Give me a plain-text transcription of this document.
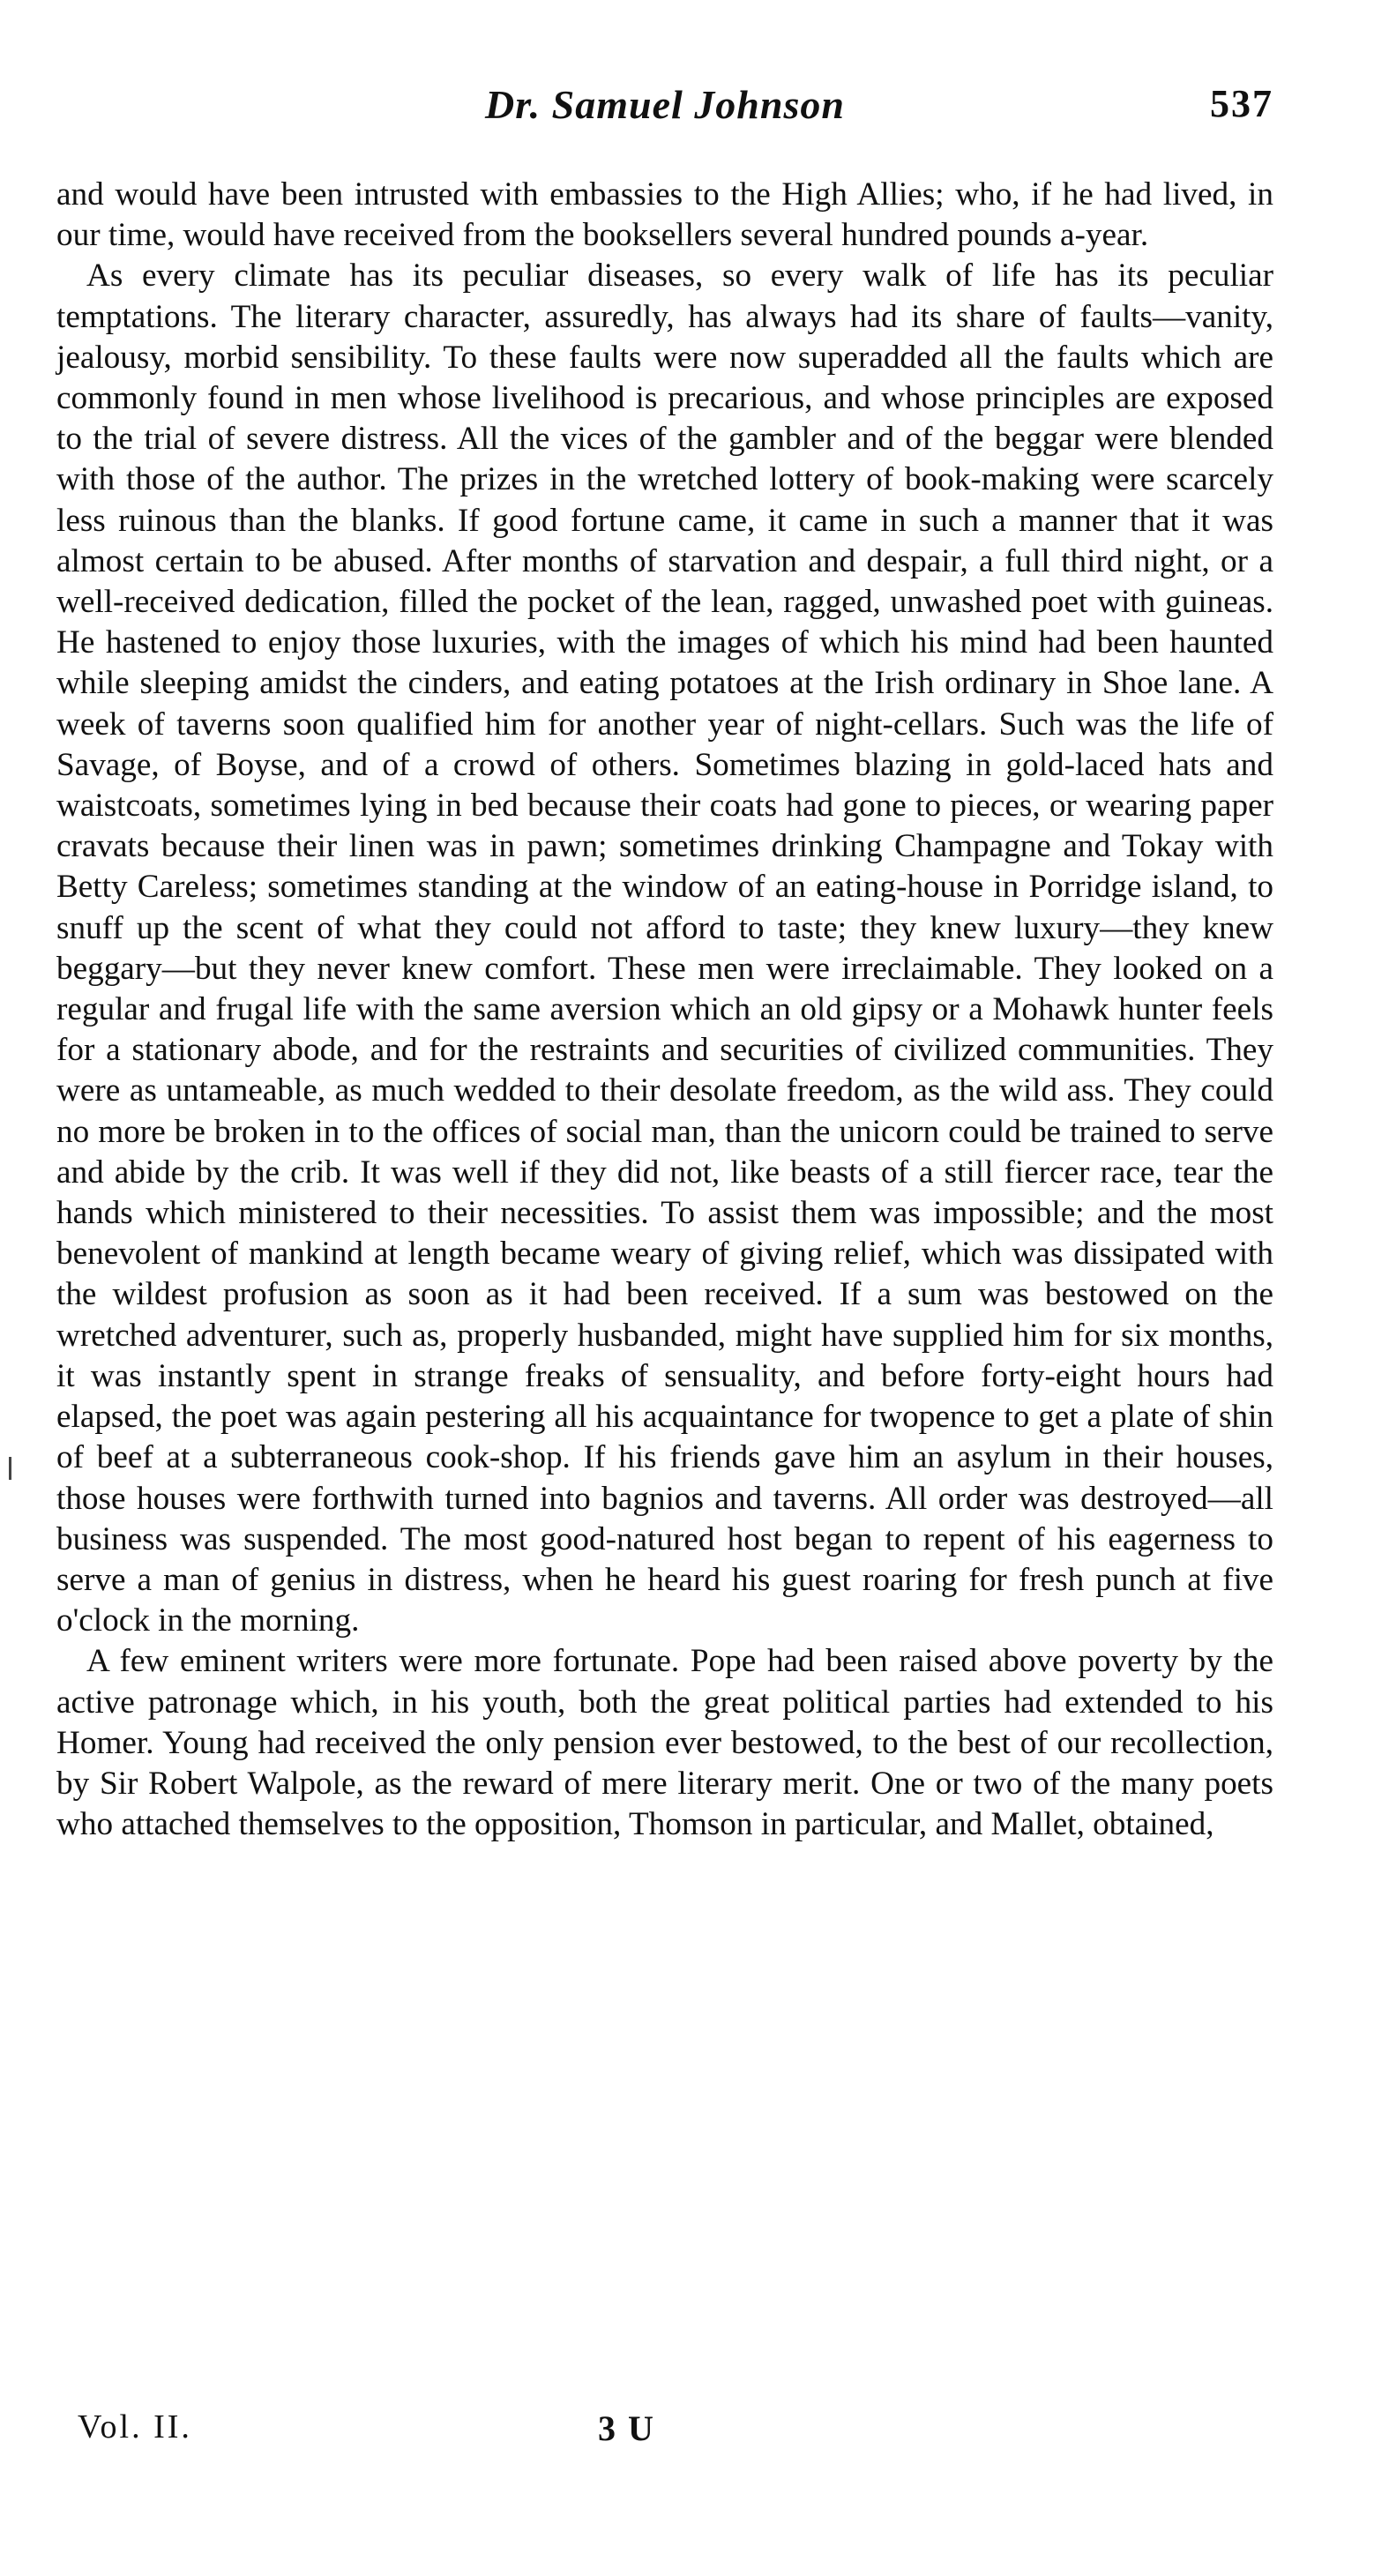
Dr. Samuel Johnson	537

and would have been intrusted with embassies to the High Allies; who, if he had lived, in our time, would have received from the booksellers several hundred pounds a-year.

As every climate has its peculiar diseases, so every walk of life has its peculiar temptations. The literary character, assuredly, has always had its share of faults—vanity, jealousy, morbid sensibility. To these faults were now superadded all the faults which are commonly found in men whose livelihood is precarious, and whose principles are exposed to the trial of severe distress. All the vices of the gambler and of the beggar were blended with those of the author. The prizes in the wretched lottery of book-making were scarcely less ruinous than the blanks. If good fortune came, it came in such a manner that it was almost certain to be abused. After months of starvation and despair, a full third night, or a well-received dedication, filled the pocket of the lean, ragged, unwashed poet with guineas. He hastened to enjoy those luxuries, with the images of which his mind had been haunted while sleeping amidst the cinders, and eating potatoes at the Irish ordinary in Shoe lane. A week of taverns soon qualified him for another year of night-cellars. Such was the life of Savage, of Boyse, and of a crowd of others. Sometimes blazing in gold-laced hats and waistcoats, sometimes lying in bed because their coats had gone to pieces, or wearing paper cravats because their linen was in pawn; sometimes drinking Champagne and Tokay with Betty Careless; sometimes standing at the window of an eating-house in Porridge island, to snuff up the scent of what they could not afford to taste; they knew luxury—they knew beggary—but they never knew comfort. These men were irreclaimable. They looked on a regular and frugal life with the same aversion which an old gipsy or a Mohawk hunter feels for a stationary abode, and for the restraints and securities of civilized communities. They were as untameable, as much wedded to their desolate freedom, as the wild ass. They could no more be broken in to the offices of social man, than the unicorn could be trained to serve and abide by the crib. It was well if they did not, like beasts of a still fiercer race, tear the hands which ministered to their necessities. To assist them was impossible; and the most benevolent of mankind at length became weary of giving relief, which was dissipated with the wildest profusion as soon as it had been received. If a sum was bestowed on the wretched adventurer, such as, properly husbanded, might have supplied him for six months, it was instantly spent in strange freaks of sensuality, and before forty-eight hours had elapsed, the poet was again pestering all his acquaintance for twopence to get a plate of shin of beef at a subterraneous cook-shop. If his friends gave him an asylum in their houses, those houses were forthwith turned into bagnios and taverns. All order was destroyed—all business was suspended. The most good-natured host began to repent of his eagerness to serve a man of genius in distress, when he heard his guest roaring for fresh punch at five o'clock in the morning.

A few eminent writers were more fortunate. Pope had been raised above poverty by the active patronage which, in his youth, both the great political parties had extended to his Homer. Young had received the only pension ever bestowed, to the best of our recollection, by Sir Robert Walpole, as the reward of mere literary merit. One or two of the many poets who attached themselves to the opposition, Thomson in particular, and Mallet, obtained,

Vol. II.	3 U
